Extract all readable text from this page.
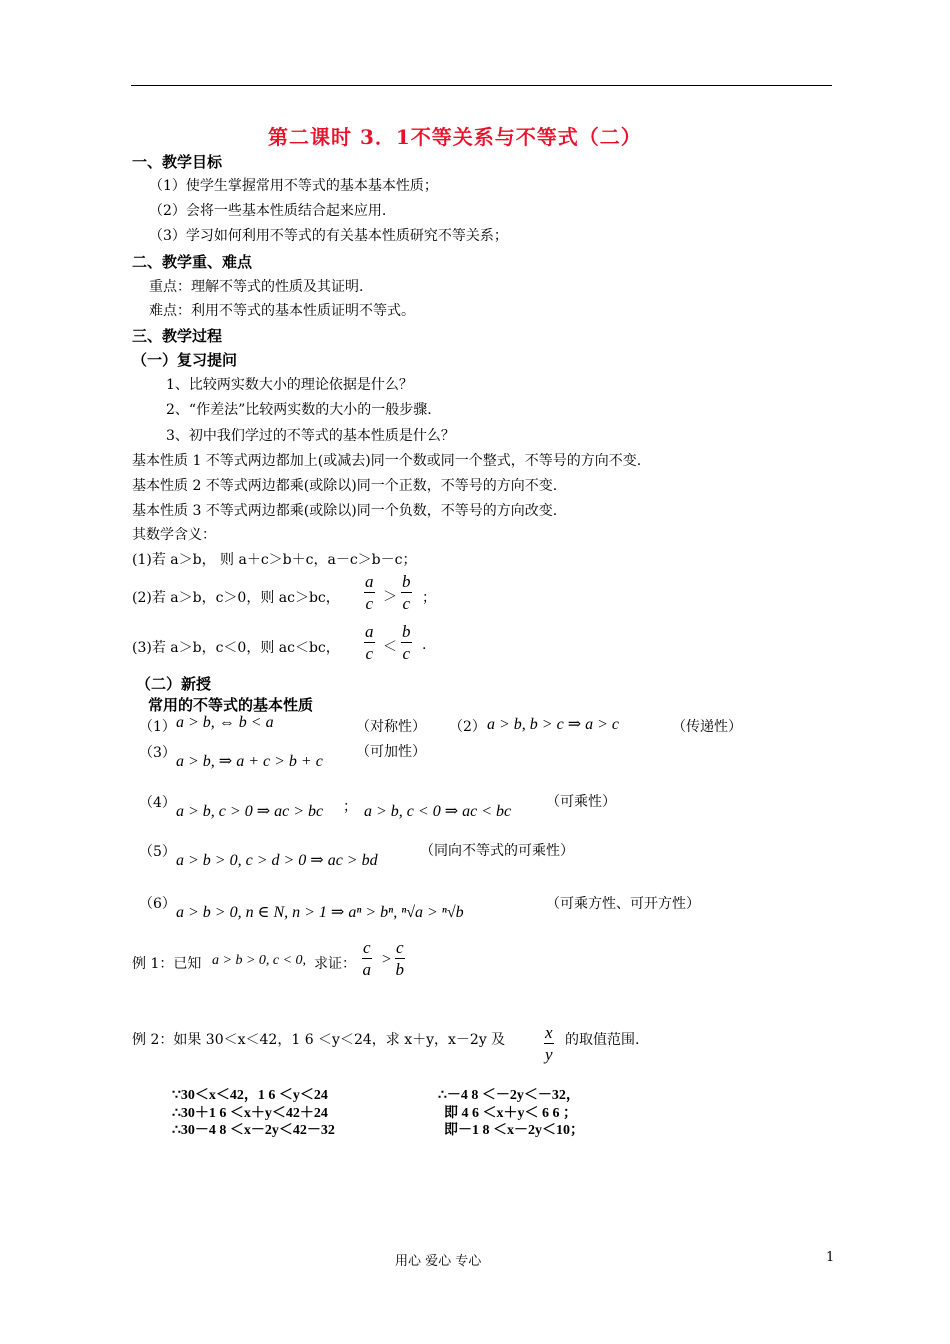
第二课时 3．1不等关系与不等式（二）
一、教学目标
（1）使学生掌握常用不等式的基本基本性质；
（2）会将一些基本性质结合起来应用.
（3）学习如何利用不等式的有关基本性质研究不等关系；
二、教学重、难点
重点：理解不等式的性质及其证明.
难点：利用不等式的基本性质证明不等式。
三、教学过程
（一）复习提问
1、比较两实数大小的理论依据是什么？
2、“作差法”比较两实数的大小的一般步骤.
3、初中我们学过的不等式的基本性质是什么？
基本性质 1 不等式两边都加上(或减去)同一个数或同一个整式，不等号的方向不变.
基本性质 2 不等式两边都乘(或除以)同一个正数，不等号的方向不变.
基本性质 3 不等式两边都乘(或除以)同一个负数，不等号的方向改变.
其数学含义：
(1)若 a＞b， 则 a＋c＞b＋c，a－c＞b－c；
(2)若 a＞b，c＞0，则 ac＞bc， $\frac{a}{c} > \frac{b}{c}$ ；
(3)若 a＞b，c＜0，则 ac＜bc， $\frac{a}{c} < \frac{b}{c}$ .
（二）新授
常用的不等式的基本性质
（1） a > b, ⇔ b < a	（对称性） （2） a > b, b > c ⇒ a > c	（传递性）
（3） a > b, ⇒ a + c > b + c
（可加性）
（4） a > b, c > 0 ⇒ ac > bc ； a > b, c < 0 ⇒ ac < bc
（可乘性）
（5） a > b > 0, c > d > 0 ⇒ ac > bd
（同向不等式的可乘性）
（6） a > b > 0, n ∈ N, n > 1 ⇒ aⁿ > bⁿ, ⁿ√a > ⁿ√b	（可乘方性、可开方性）
例 1：已知 a > b > 0, c < 0, 求证： $\frac{c}{a} > \frac{c}{b}$
例 2：如果 30＜x＜42，1 6 ＜y＜24，求 x＋y，x－2y 及 $\frac{x}{y}$ 的取值范围.
∵30＜x＜42，1 6 ＜y＜24
∴30＋1 6 ＜x＋y＜42＋24
∴30－4 8 ＜x－2y＜42－32
∴－4 8 ＜－2y＜－32，
即 4 6 ＜x＋y＜ 6 6 ；
即－1 8 ＜x－2y＜10；
用心 爱心 专心	1
